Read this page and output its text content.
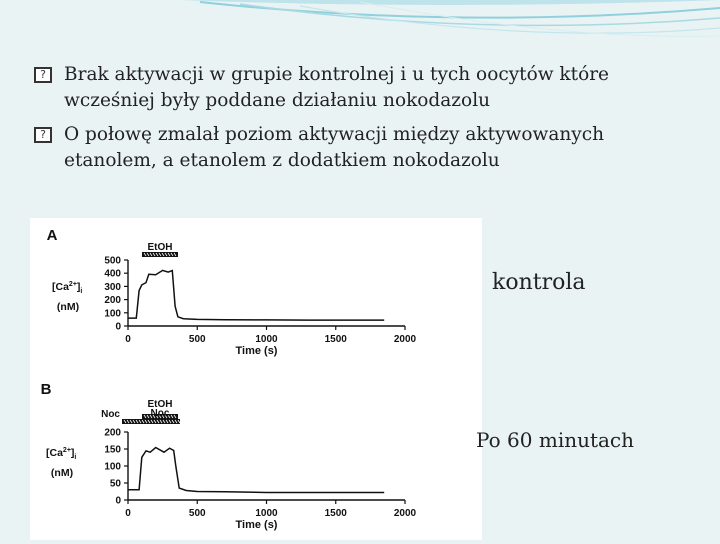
? Brak aktywacji w grupie kontrolnej i u tych oocytów które
wcześniej były poddane działaniu nokodazolu
? O połowę zmalał poziom aktywacji między aktywowanych
etanolem, a etanolem z dodatkiem nokodazolu
A
0	500	1000	1500	2000
0
100
200
300
400
500
Time (s)
$[Ca^{2+}]_i$
(nM)
EtOH
B
0	500	1000	1500	2000
0
50
100
150
200
Time (s)
$[Ca^{2+}]_i$
(nM)
EtOH
Noc
Noc
kontrola
Po 60 minutach
